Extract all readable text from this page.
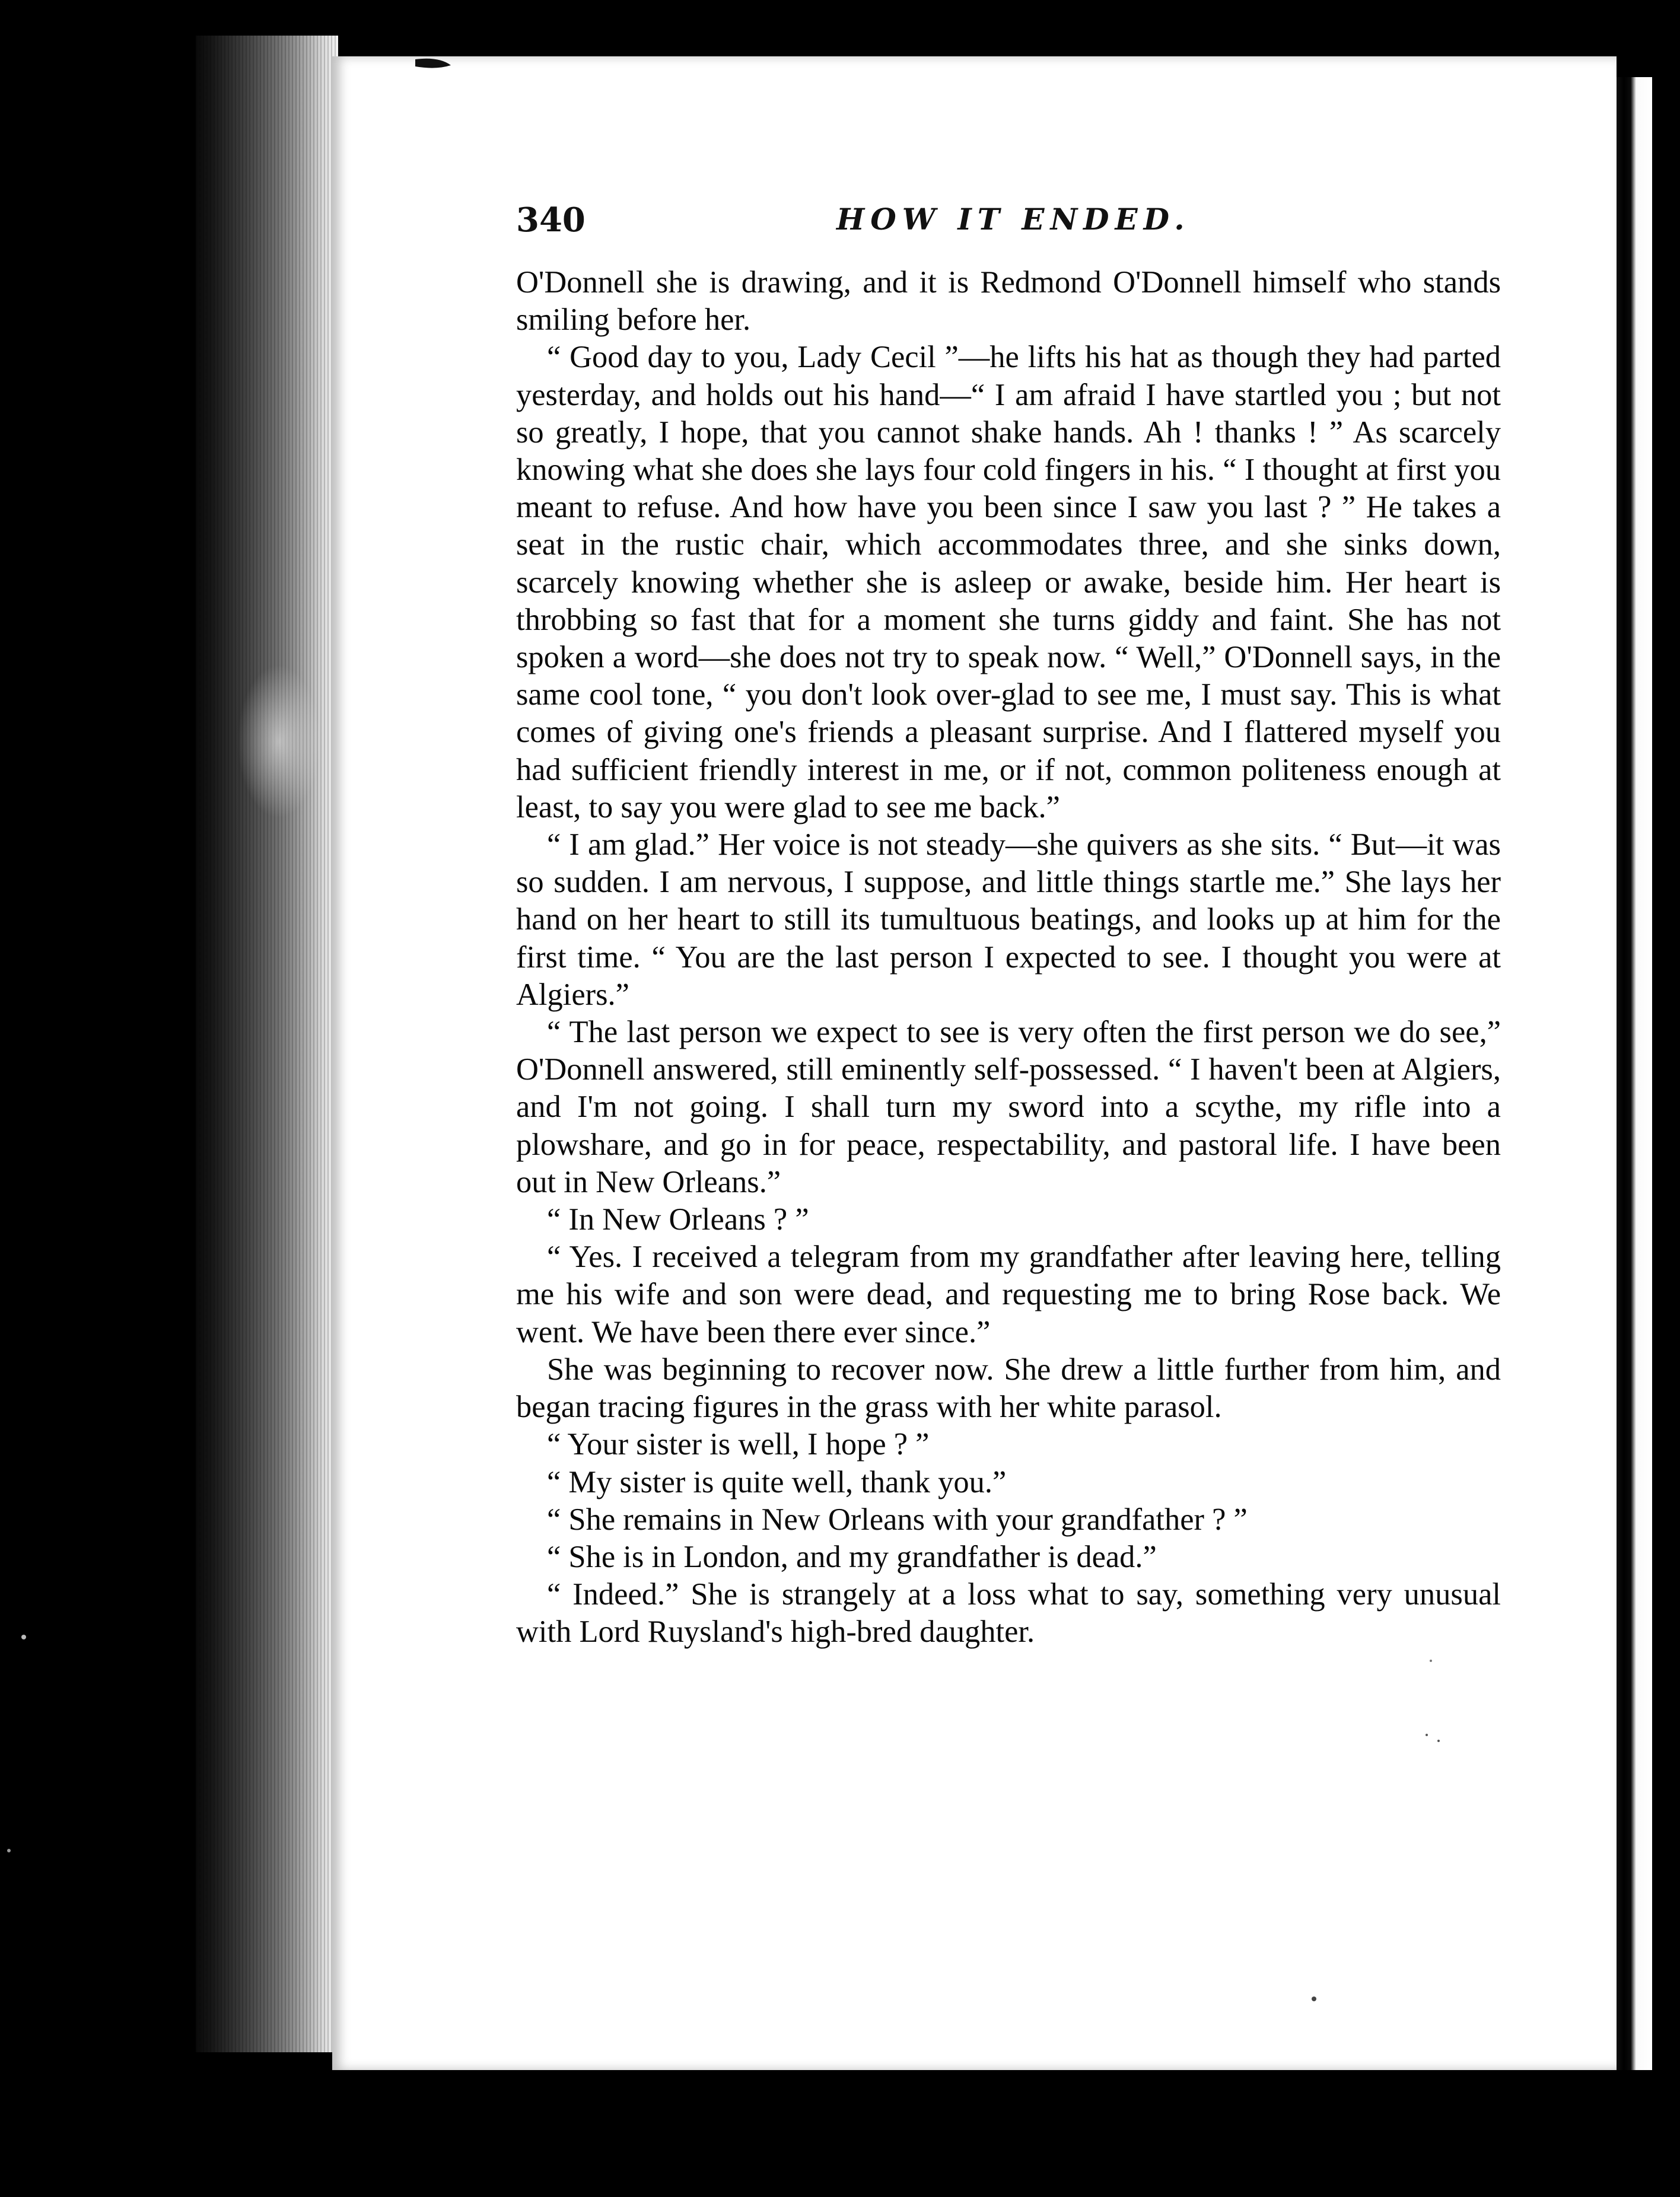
340	HOW IT ENDED.

O'Donnell she is drawing, and it is Redmond O'Donnell himself who stands smiling before her.

“ Good day to you, Lady Cecil ”—he lifts his hat as though they had parted yesterday, and holds out his hand—“ I am afraid I have startled you ; but not so greatly, I hope, that you cannot shake hands. Ah ! thanks ! ” As scarcely knowing what she does she lays four cold fingers in his. “ I thought at first you meant to refuse. And how have you been since I saw you last ? ” He takes a seat in the rustic chair, which accommodates three, and she sinks down, scarcely knowing whether she is asleep or awake, beside him. Her heart is throbbing so fast that for a moment she turns giddy and faint. She has not spoken a word—she does not try to speak now. “ Well,” O'Donnell says, in the same cool tone, “ you don't look over-glad to see me, I must say. This is what comes of giving one's friends a pleasant surprise. And I flattered myself you had sufficient friendly interest in me, or if not, common politeness enough at least, to say you were glad to see me back.”

“ I am glad.” Her voice is not steady—she quivers as she sits. “ But—it was so sudden. I am nervous, I suppose, and little things startle me.” She lays her hand on her heart to still its tumultuous beatings, and looks up at him for the first time. “ You are the last person I expected to see. I thought you were at Algiers.”

“ The last person we expect to see is very often the first person we do see,” O'Donnell answered, still eminently self-possessed. “ I haven't been at Algiers, and I'm not going. I shall turn my sword into a scythe, my rifle into a plowshare, and go in for peace, respectability, and pastoral life. I have been out in New Orleans.”

“ In New Orleans ? ”

“ Yes. I received a telegram from my grandfather after leaving here, telling me his wife and son were dead, and requesting me to bring Rose back. We went. We have been there ever since.”

She was beginning to recover now. She drew a little further from him, and began tracing figures in the grass with her white parasol.

“ Your sister is well, I hope ? ”

“ My sister is quite well, thank you.”

“ She remains in New Orleans with your grandfather ? ”

“ She is in London, and my grandfather is dead.”

“ Indeed.” She is strangely at a loss what to say, something very unusual with Lord Ruysland's high-bred daughter.
